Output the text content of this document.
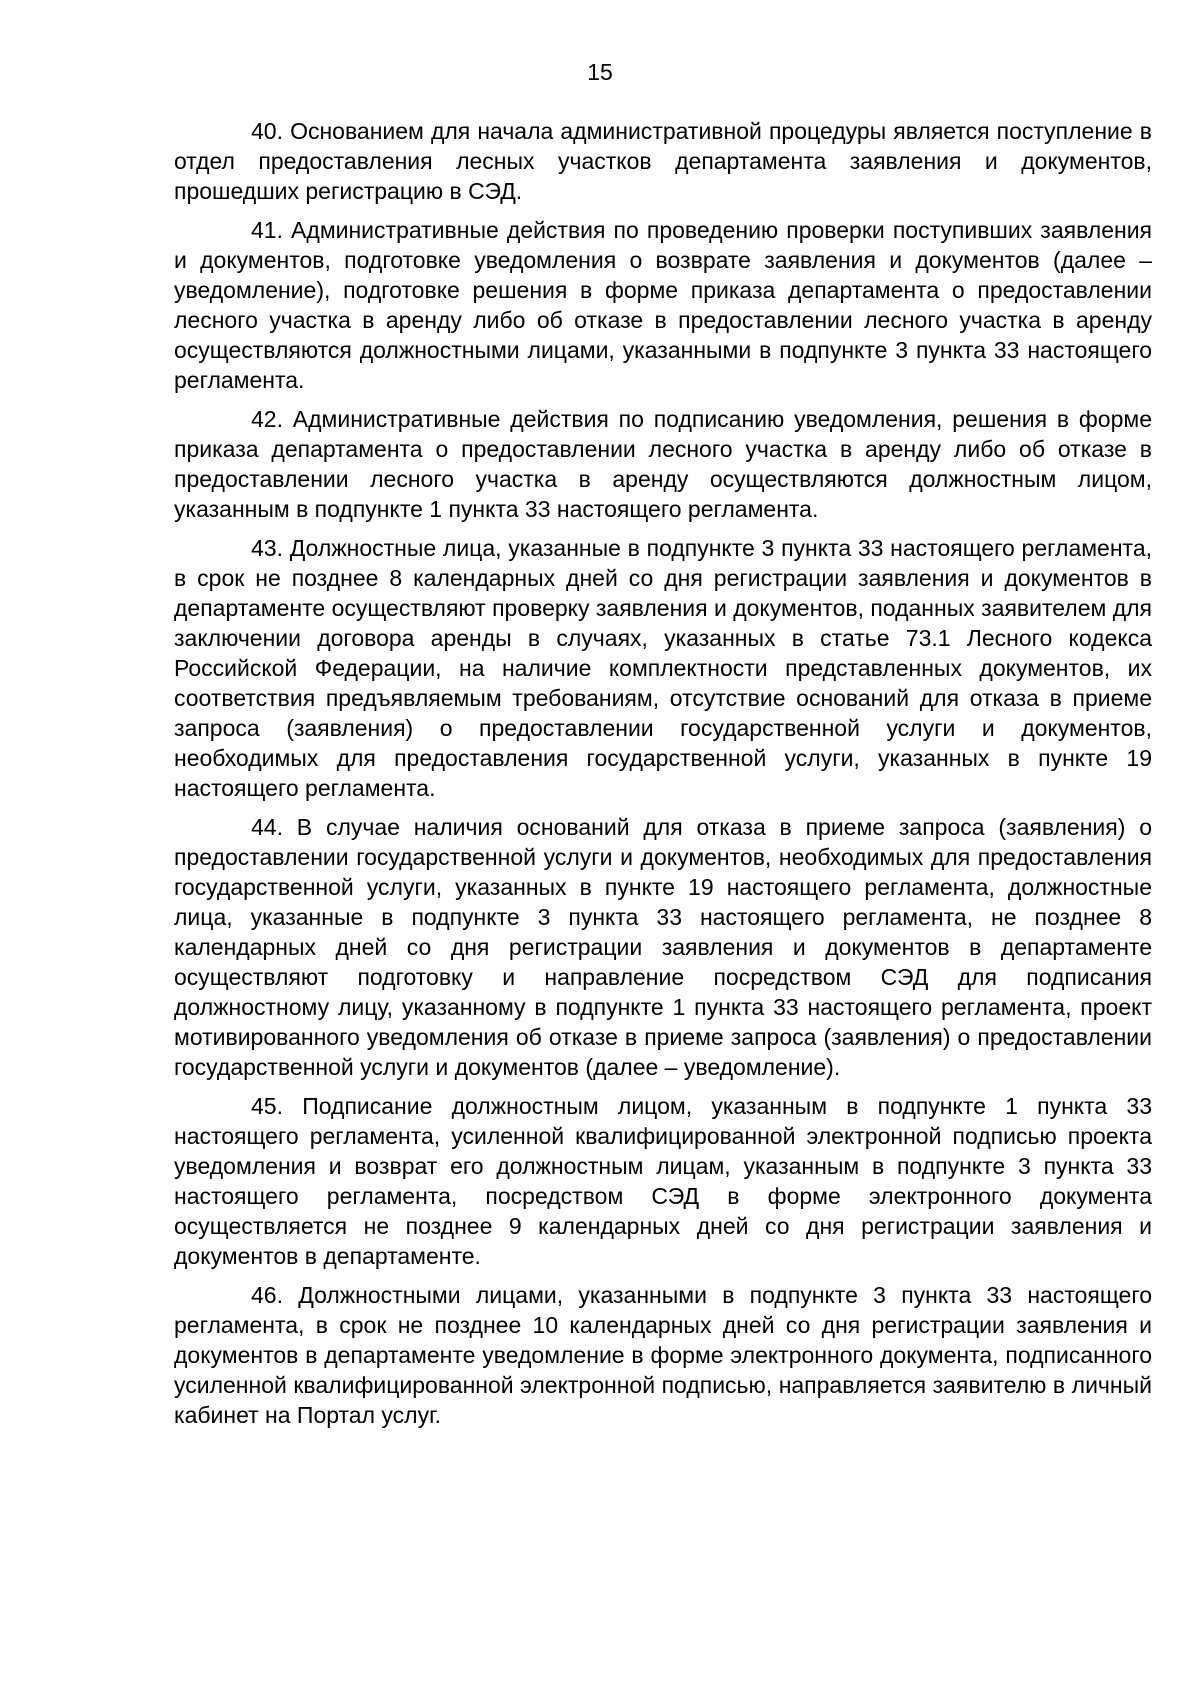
15

40. Основанием для начала административной процедуры является поступление в отдел предоставления лесных участков департамента заявления и документов, прошедших регистрацию в СЭД.

41. Административные действия по проведению проверки поступивших заявления и документов, подготовке уведомления о возврате заявления и документов (далее – уведомление), подготовке решения в форме приказа департамента о предоставлении лесного участка в аренду либо об отказе в предоставлении лесного участка в аренду осуществляются должностными лицами, указанными в подпункте 3 пункта 33 настоящего регламента.

42. Административные действия по подписанию уведомления, решения в форме приказа департамента о предоставлении лесного участка в аренду либо об отказе в предоставлении лесного участка в аренду осуществляются должностным лицом, указанным в подпункте 1 пункта 33 настоящего регламента.

43. Должностные лица, указанные в подпункте 3 пункта 33 настоящего регламента, в срок не позднее 8 календарных дней со дня регистрации заявления и документов в департаменте осуществляют проверку заявления и документов, поданных заявителем для заключении договора аренды в случаях, указанных в статье 73.1 Лесного кодекса Российской Федерации, на наличие комплектности представленных документов, их соответствия предъявляемым требованиям, отсутствие оснований для отказа в приеме запроса (заявления) о предоставлении государственной услуги и документов, необходимых для предоставления государственной услуги, указанных в пункте 19 настоящего регламента.

44. В случае наличия оснований для отказа в приеме запроса (заявления) о предоставлении государственной услуги и документов, необходимых для предоставления государственной услуги, указанных в пункте 19 настоящего регламента, должностные лица, указанные в подпункте 3 пункта 33 настоящего регламента, не позднее 8 календарных дней со дня регистрации заявления и документов в департаменте осуществляют подготовку и направление посредством СЭД для подписания должностному лицу, указанному в подпункте 1 пункта 33 настоящего регламента, проект мотивированного уведомления об отказе в приеме запроса (заявления) о предоставлении государственной услуги и документов (далее – уведомление).

45. Подписание должностным лицом, указанным в подпункте 1 пункта 33 настоящего регламента, усиленной квалифицированной электронной подписью проекта уведомления и возврат его должностным лицам, указанным в подпункте 3 пункта 33 настоящего регламента, посредством СЭД в форме электронного документа осуществляется не позднее 9 календарных дней со дня регистрации заявления и документов в департаменте.

46. Должностными лицами, указанными в подпункте 3 пункта 33 настоящего регламента, в срок не позднее 10 календарных дней со дня регистрации заявления и документов в департаменте уведомление в форме электронного документа, подписанного усиленной квалифицированной электронной подписью, направляется заявителю в личный кабинет на Портал услуг.
